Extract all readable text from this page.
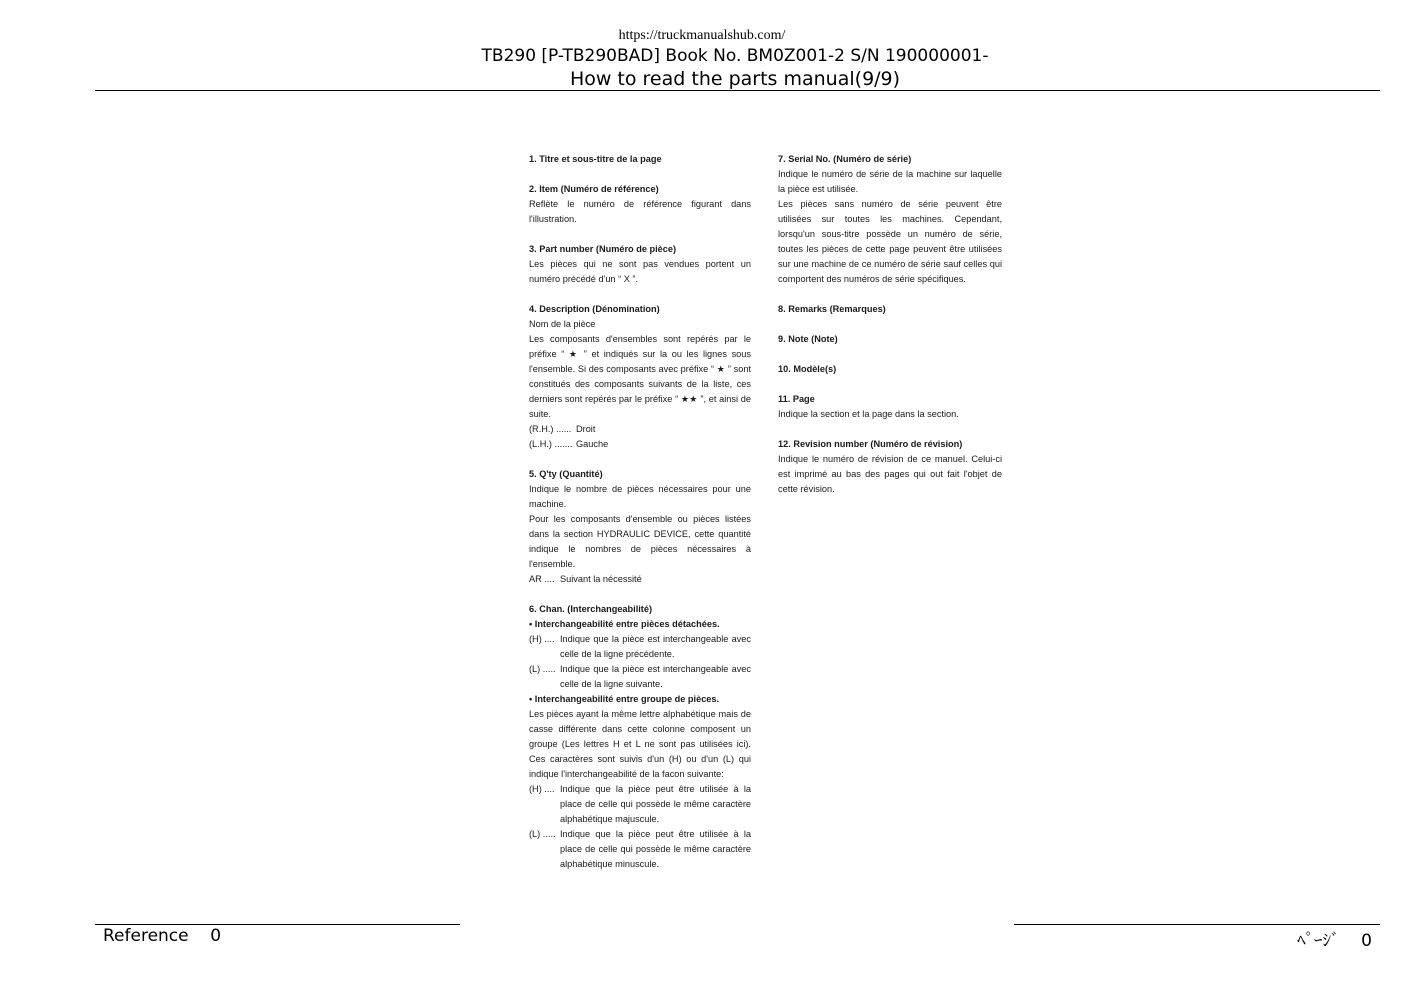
https://truckmanualshub.com/
TB290 [P-TB290BAD] Book No. BM0Z001-2 S/N 190000001-
How to read the parts manual(9/9)
1. Titre et sous-titre de la page
2. Item (Numéro de référence)
Reflète le numéro de référence figurant dans l'illustration.
3. Part number (Numéro de pièce)
Les pièces qui ne sont pas vendues portent un numéro précédé d'un “ X ”.
4. Description (Dénomination)
Nom de la pièce
Les composants d'ensembles sont repérés par le préfixe “ ★ ” et indiqués sur la ou les lignes sous l'ensemble. Si des composants avec préfixe “ ★ ” sont constitués des composants suivants de la liste, ces derniers sont repérés par le préfixe “ ★★ ”, et ainsi de suite.
(R.H.) ...... Droit
(L.H.) ....... Gauche
5. Q'ty (Quantité)
Indique le nombre de pièces nécessaires pour une machine.
Pour les composants d'ensemble ou pièces listées dans la section HYDRAULIC DEVICE, cette quantité indique le nombres de pièces nécessaires à l'ensemble.
AR .... Suivant la nécessité
6. Chan. (Interchangeabilité)
• Interchangeabilité entre pièces détachées.
(H) .... Indique que la pièce est interchangeable avec celle de la ligne précédente.
(L) ..... Indique que la pièce est interchangeable avec celle de la ligne suivante.
• Interchangeabilité entre groupe de pièces.
Les pièces ayant la même lettre alphabétique mais de casse différente dans cette colonne composent un groupe (Les lettres H et L ne sont pas utilisées ici). Ces caractères sont suivis d'un (H) ou d'un (L) qui indique l'interchangeabilité de la facon suivante:
(H) .... Indique que la pièce peut être utilisée à la place de celle qui possède le même caractère alphabétique majuscule.
(L) ..... Indique que la pièce peut être utilisée à la place de celle qui possède le même caractère alphabétique minuscule.
7. Serial No. (Numéro de série)
Indique le numéro de série de la machine sur laquelle la pièce est utilisée.
Les pièces sans numéro de série peuvent être utilisées sur toutes les machines. Cependant, lorsqu'un sous-titre possède un numéro de série, toutes les pièces de cette page peuvent être utilisées sur une machine de ce numéro de série sauf celles qui comportent des numéros de série spécifiques.
8. Remarks (Remarques)
9. Note (Note)
10. Modèle(s)
11. Page
Indique la section et la page dans la section.
12. Revision number (Numéro de révision)
Indique le numéro de révision de ce manuel. Celui-ci est imprimé au bas des pages qui out fait l'objet de cette révision.
Reference    0	ﾍﾟｰｼﾞ    0
